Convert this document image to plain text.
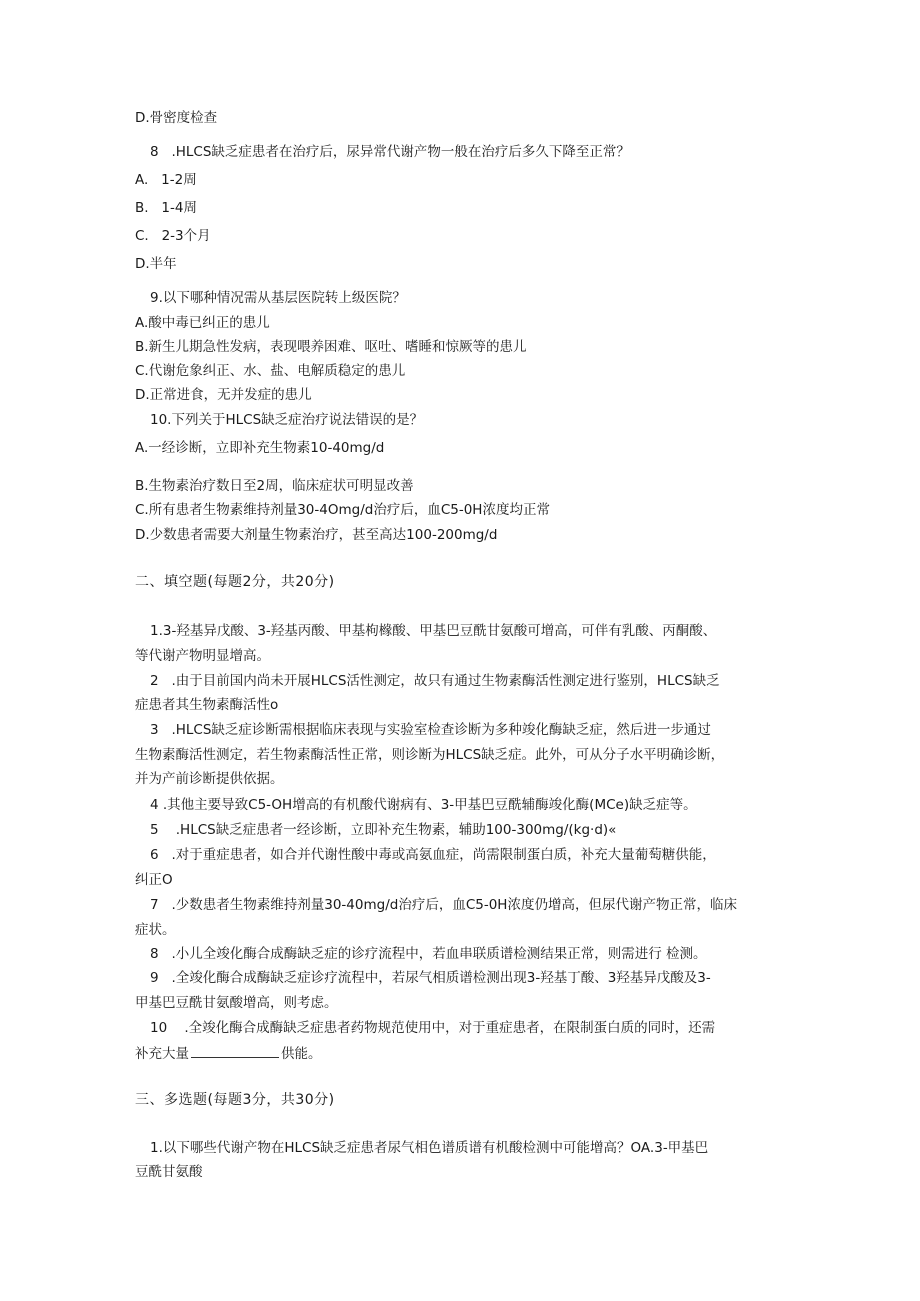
D.骨密度检查
8   .HLCS缺乏症患者在治疗后，尿异常代谢产物一般在治疗后多久下降至正常？
A.   1-2周
B.   1-4周
C.   2-3个月
D.半年
9.以下哪种情况需从基层医院转上级医院？
A.酸中毒已纠正的患儿
B.新生儿期急性发病，表现喂养困难、呕吐、嗜睡和惊厥等的患儿
C.代谢危象纠正、水、盐、电解质稳定的患儿
D.正常进食，无并发症的患儿
10.下列关于HLCS缺乏症治疗说法错误的是？
A.一经诊断，立即补充生物素10-40mg∕d
B.生物素治疗数日至2周，临床症状可明显改善
C.所有患者生物素维持剂量30-4Omg/d治疗后，血C5-0H浓度均正常
D.少数患者需要大剂量生物素治疗，甚至高达100-200mg∕d
二、填空题(每题2分，共20分)
1.3-羟基异戊酸、3-羟基丙酸、甲基枸橼酸、甲基巴豆酰甘氨酸可增高，可伴有乳酸、丙酮酸、
等代谢产物明显增高。
2   .由于目前国内尚未开展HLCS活性测定，故只有通过生物素酶活性测定进行鉴别，HLCS缺乏
症患者其生物素酶活性o
3   .HLCS缺乏症诊断需根据临床表现与实验室检查诊断为多种竣化酶缺乏症，然后进一步通过
生物素酶活性测定，若生物素酶活性正常，则诊断为HLCS缺乏症。此外，可从分子水平明确诊断，
并为产前诊断提供依据。
4 .其他主要导致C5-OH增高的有机酸代谢病有、3-甲基巴豆酰辅酶竣化酶(MCe)缺乏症等。
5    .HLCS缺乏症患者一经诊断，立即补充生物素，辅助100-300mg/(kg·d)«
6   .对于重症患者，如合并代谢性酸中毒或高氨血症，尚需限制蛋白质，补充大量葡萄糖供能，
纠正O
7   .少数患者生物素维持剂量30-40mg∕d治疗后，血C5-0H浓度仍增高，但尿代谢产物正常，临床
症状。
8   .小儿全竣化酶合成酶缺乏症的诊疗流程中，若血串联质谱检测结果正常，则需进行 检测。
9   .全竣化酶合成酶缺乏症诊疗流程中，若尿气相质谱检测出现3-羟基丁酸、3羟基异戊酸及3-
甲基巴豆酰甘氨酸增高，则考虑。
10    .全竣化酶合成酶缺乏症患者药物规范使用中，对于重症患者，在限制蛋白质的同时，还需
补充大量	供能。
三、多选题(每题3分，共30分)
1.以下哪些代谢产物在HLCS缺乏症患者尿气相色谱质谱有机酸检测中可能增高？OA.3-甲基巴
豆酰甘氨酸
